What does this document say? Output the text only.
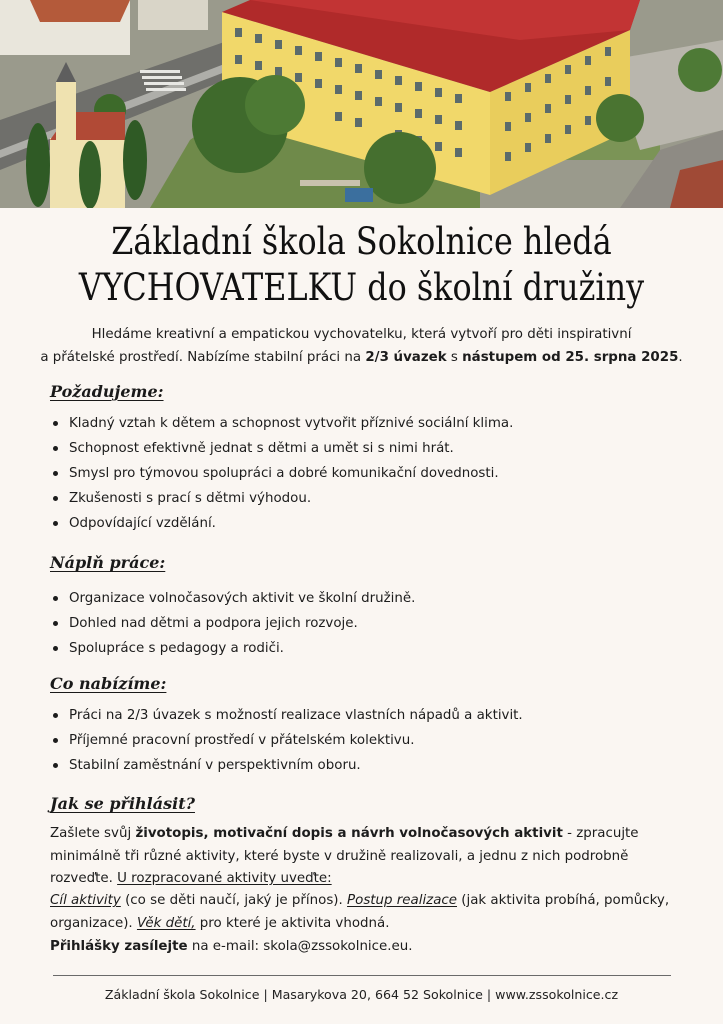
Základní škola Sokolnice hledá
VYCHOVATELKU do školní družiny

Hledáme kreativní a empatickou vychovatelku, která vytvoří pro děti inspirativní
a přátelské prostředí. Nabízíme stabilní práci na 2/3 úvazek s nástupem od 25. srpna 2025.

Požadujeme:
Kladný vztah k dětem a schopnost vytvořit příznivé sociální klima.
Schopnost efektivně jednat s dětmi a umět si s nimi hrát.
Smysl pro týmovou spolupráci a dobré komunikační dovednosti.
Zkušenosti s prací s dětmi výhodou.
Odpovídající vzdělání.
Náplň práce:
Organizace volnočasových aktivit ve školní družině.
Dohled nad dětmi a podpora jejich rozvoje.
Spolupráce s pedagogy a rodiči.
Co nabízíme:
Práci na 2/3 úvazek s možností realizace vlastních nápadů a aktivit.
Příjemné pracovní prostředí v přátelském kolektivu.
Stabilní zaměstnání v perspektivním oboru.
Jak se přihlásit?

Zašlete svůj životopis, motivační dopis a návrh volnočasových aktivit - zpracujte minimálně tři různé aktivity, které byste v družině realizovali, a jednu z nich podrobně rozveďte. U rozpracované aktivity uveďte:

Cíl aktivity (co se děti naučí, jaký je přínos). Postup realizace (jak aktivita probíhá, pomůcky, organizace). Věk dětí, pro které je aktivita vhodná.

Přihlášky zasílejte na e-mail: skola@zssokolnice.eu.

Základní škola Sokolnice | Masarykova 20, 664 52 Sokolnice | www.zssokolnice.cz
